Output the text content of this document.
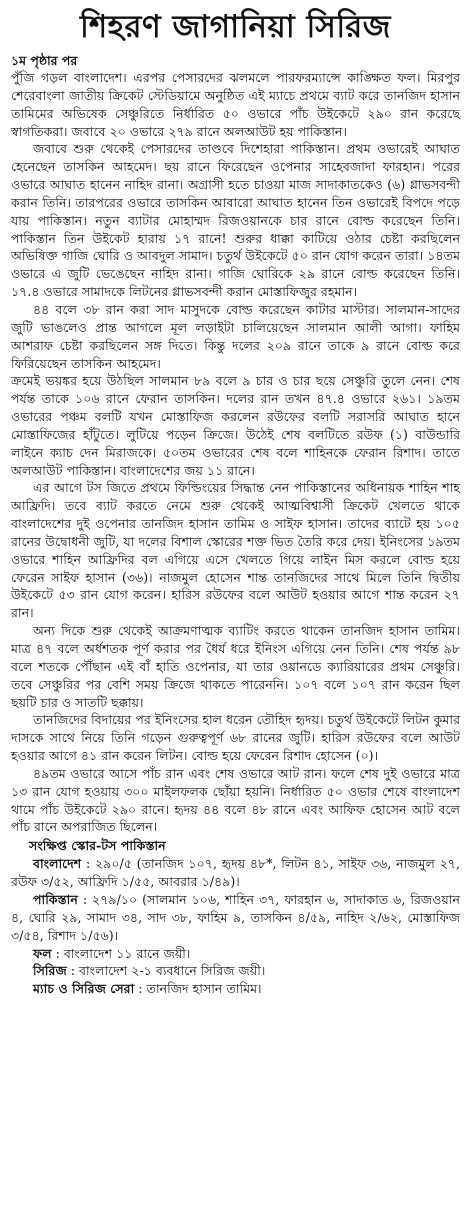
শিহরণ জাগানিয়া সিরিজ
১ম পৃষ্ঠার পর

পুঁজি গড়ল বাংলাদেশ। এরপর পেসারদের ঝলমলে পারফরম্যান্সে কাঙ্ক্ষিত ফল। মিরপুর শেরেবাংলা জাতীয় ক্রিকেট স্টেডিয়ামে অনুষ্ঠিত এই ম্যাচে প্রথমে ব্যাট করে তানজিদ হাসান তামিমের অভিষেক সেঞ্চুরিতে নির্ধারিত ৫০ ওভারে পাঁচ উইকেটে ২৯০ রান করেছে স্বাগতিকরা। জবাবে ২০ ওভারে ২৭৯ রানে অলআউট হয় পাকিস্তান।

জবাবে শুরু থেকেই পেসারদের তাণ্ডবে দিশেহারা পাকিস্তান। প্রথম ওভারেই আঘাত হেনেছেন তাসকিন আহমেদ। ছয় রানে ফিরেছেন ওপেনার সাহেবজাদা ফারহান। পরের ওভারে আঘাত হানেন নাহিদ রানা। অগ্রাসী হতে চাওয়া মাজ সাদাকাতকেও (৬) গ্লাভসবন্দী করান তিনি। তারপরের ওভারে তাসকিন আবারো আঘাত হানেন তিন ওভারেই বিপদে পড়ে যায় পাকিস্তান। নতুন ব্যাটার মোহাম্মদ রিজওয়ানকে চার রানে বোল্ড করেছেন তিনি। পাকিস্তান তিন উইকেট হারায় ১৭ রানে! শুরুর ধাক্কা কাটিয়ে ওঠার চেষ্টা করছিলেন অভিষিক্ত গাজি ঘোরি ও আবদুল সামাদ। চতুর্থ উইকেটে ৫০ রান যোগ করেন তারা। ১৪তম ওভারে এ জুটি ভেঙেছেন নাহিদ রানা। গাজি ঘোরিকে ২৯ রানে বোল্ড করেছেন তিনি। ১৭.৪ ওভারে সামাদকে লিটনের গ্লাভসবন্দী করান মোস্তাফিজুর রহমান।

৪৪ বলে ৩৮ রান করা সাদ মাসুদকে বোল্ড করেছেন কাটার মাস্টার। সালমান-সাদের জুটি ভাঙলেও প্রান্ত আগলে মূল লড়াইটা চালিয়েছেন সালমান আলী আগা। ফাহিম আশরাফ চেষ্টা করছিলেন সঙ্গ দিতে। কিন্তু দলের ২০৯ রানে তাকে ৯ রানে বোল্ড করে ফিরিয়েছেন তাসকিন আহমেদ।

ক্রমেই ভয়ঙ্কর হয়ে উঠছিল সালমান ৮৯ বলে ৯ চার ও চার ছয়ে সেঞ্চুরি তুলে নেন। শেষ পর্যন্ত তাকে ১০৬ রানে ফেরান তাসকিন। দলের রান তখন ৪৭.৪ ওভারে ২৬১। ১৯তম ওভারের পঞ্চম বলটি যখন মোস্তাফিজ করলেন রউফের বলটি সরাসরি আঘাত হানে মোস্তাফিজের হাঁটুতে। লুটিয়ে পড়েন ক্রিজে। উঠেই শেষ বলটিতে রউফ (১) বাউন্ডারি লাইনে ক্যাচ দেন মিরাজকে। ৫০তম ওভারের শেষ বলে শাহিনকে ফেরান রিশাদ। তাতে অলআউট পাকিস্তান। বাংলাদেশের জয় ১১ রানে।

এর আগে টস জিতে প্রথমে ফিল্ডিংয়ের সিদ্ধান্ত নেন পাকিস্তানের অধিনায়ক শাহিন শাহ আফ্রিদি। তবে ব্যাট করতে নেমে শুরু থেকেই আত্মবিশ্বাসী ক্রিকেট খেলতে থাকে বাংলাদেশের দুই ওপেনার তানজিদ হাসান তামিম ও সাইফ হাসান। তাদের ব্যাটে হয় ১০৫ রানের উদ্বোধনী জুটি, যা দলের বিশাল স্কোরের শক্ত ভিত তৈরি করে দেয়। ইনিংসের ১৯তম ওভারে শাহিন আফ্রিদির বল এগিয়ে এসে খেলতে গিয়ে লাইন মিস করলে বোল্ড হয়ে ফেরেন সাইফ হাসান (৩৬)। নাজমুল হোসেন শান্ত তানজিদের সাথে মিলে তিনি দ্বিতীয় উইকেটে ৫৩ রান যোগ করেন। হারিস রউফের বলে আউট হওয়ার আগে শান্ত করেন ২৭ রান।

অন্য দিকে শুরু থেকেই আক্রমণাত্মক ব্যাটিং করতে থাকেন তানজিদ হাসান তামিম। মাত্র ৪৭ বলে অর্ধশতক পূর্ণ করার পর ধৈর্য ধরে ইনিংস এগিয়ে নেন তিনি। শেষ পর্যন্ত ৯৮ বলে শতকে পৌঁছান এই বাঁ হাতি ওপেনার, যা তার ওয়ানডে ক্যারিয়ারের প্রথম সেঞ্চুরি। তবে সেঞ্চুরির পর বেশি সময় ক্রিজে থাকতে পারেননি। ১০৭ বলে ১০৭ রান করেন ছিল ছয়টি চার ও সাতটি ছক্কায়।

তানজিদের বিদায়ের পর ইনিংসের হাল ধরেন তৌহিদ হৃদয়। চতুর্থ উইকেটে লিটন কুমার দাসকে সাথে নিয়ে তিনি গড়েন গুরুত্বপূর্ণ ৬৮ রানের জুটি। হারিস রউফের বলে আউট হওয়ার আগে ৪১ রান করেন লিটন। বোল্ড হয়ে ফেরেন রিশাদ হোসেন (০)।

৪৯তম ওভারে আসে পাঁচ রান এবং শেষ ওভারে আট রান। ফলে শেষ দুই ওভারে মাত্র ১৩ রান যোগ হওয়ায় ৩০০ মাইলফলক ছোঁয়া হয়নি। নির্ধারিত ৫০ ওভার শেষে বাংলাদেশ থামে পাঁচ উইকেটে ২৯০ রানে। হৃদয় ৪৪ বলে ৪৮ রানে এবং আফিফ হোসেন আট বলে পাঁচ রানে অপরাজিত ছিলেন।

সংক্ষিপ্ত স্কোর-টস পাকিস্তান

বাংলাদেশ : ২৯০/৫ (তানজিদ ১০৭, হৃদয় ৪৮*, লিটন ৪১, সাইফ ৩৬, নাজমুল ২৭, রউফ ৩/৫২, আফ্রিদি ১/৫৫, আবরার ১/৪৯)।

পাকিস্তান : ২৭৯/১০ (সালমান ১০৬, শাহিন ৩৭, ফারহান ৬, সাদাকাত ৬, রিজওয়ান ৪, ঘোরি ২৯, সামাদ ৩৪, সাদ ৩৮, ফাহিম ৯, তাসকিন ৪/৫৯, নাহিদ ২/৬২, মোস্তাফিজ ৩/৫৪, রিশাদ ১/৫৬)।

ফল : বাংলাদেশ ১১ রানে জয়ী।

সিরিজ : বাংলাদেশ ২-১ ব্যবধানে সিরিজ জয়ী।

ম্যাচ ও সিরিজ সেরা : তানজিদ হাসান তামিম।
